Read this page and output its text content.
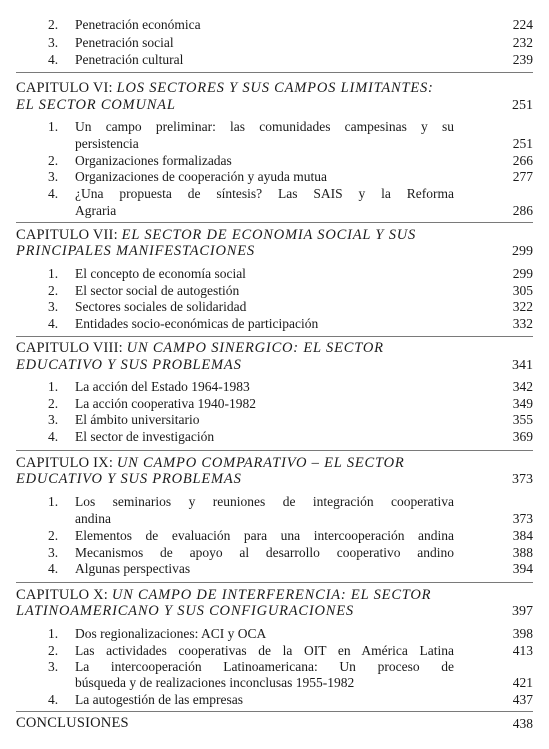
2. Penetración económica	224
3. Penetración social	232
4. Penetración cultural	239
CAPITULO VI: LOS SECTORES Y SUS CAMPOS LIMITANTES:
EL SECTOR COMUNAL	251
1. Un campo preliminar: las comunidades campesinas y su
persistencia	251
2. Organizaciones formalizadas	266
3. Organizaciones de cooperación y ayuda mutua	277
4. ¿Una propuesta de síntesis? Las SAIS y la Reforma
Agraria	286
CAPITULO VII: EL SECTOR DE ECONOMIA SOCIAL Y SUS
PRINCIPALES MANIFESTACIONES	299
1. El concepto de economía social	299
2. El sector social de autogestión	305
3. Sectores sociales de solidaridad	322
4. Entidades socio-económicas de participación	332
CAPITULO VIII: UN CAMPO SINERGICO: EL SECTOR
EDUCATIVO Y SUS PROBLEMAS	341
1. La acción del Estado 1964-1983	342
2. La acción cooperativa 1940-1982	349
3. El ámbito universitario	355
4. El sector de investigación	369
CAPITULO IX: UN CAMPO COMPARATIVO – EL SECTOR
EDUCATIVO Y SUS PROBLEMAS	373
1. Los seminarios y reuniones de integración cooperativa
andina	373
2. Elementos de evaluación para una intercooperación andina	384
3. Mecanismos de apoyo al desarrollo cooperativo andino	388
4. Algunas perspectivas	394
CAPITULO X: UN CAMPO DE INTERFERENCIA: EL SECTOR
LATINOAMERICANO Y SUS CONFIGURACIONES	397
1. Dos regionalizaciones: ACI y OCA	398
2. Las actividades cooperativas de la OIT en América Latina	413
3. La intercooperación Latinoamericana: Un proceso de
búsqueda y de realizaciones inconclusas 1955-1982	421
4. La autogestión de las empresas	437
CONCLUSIONES	438
